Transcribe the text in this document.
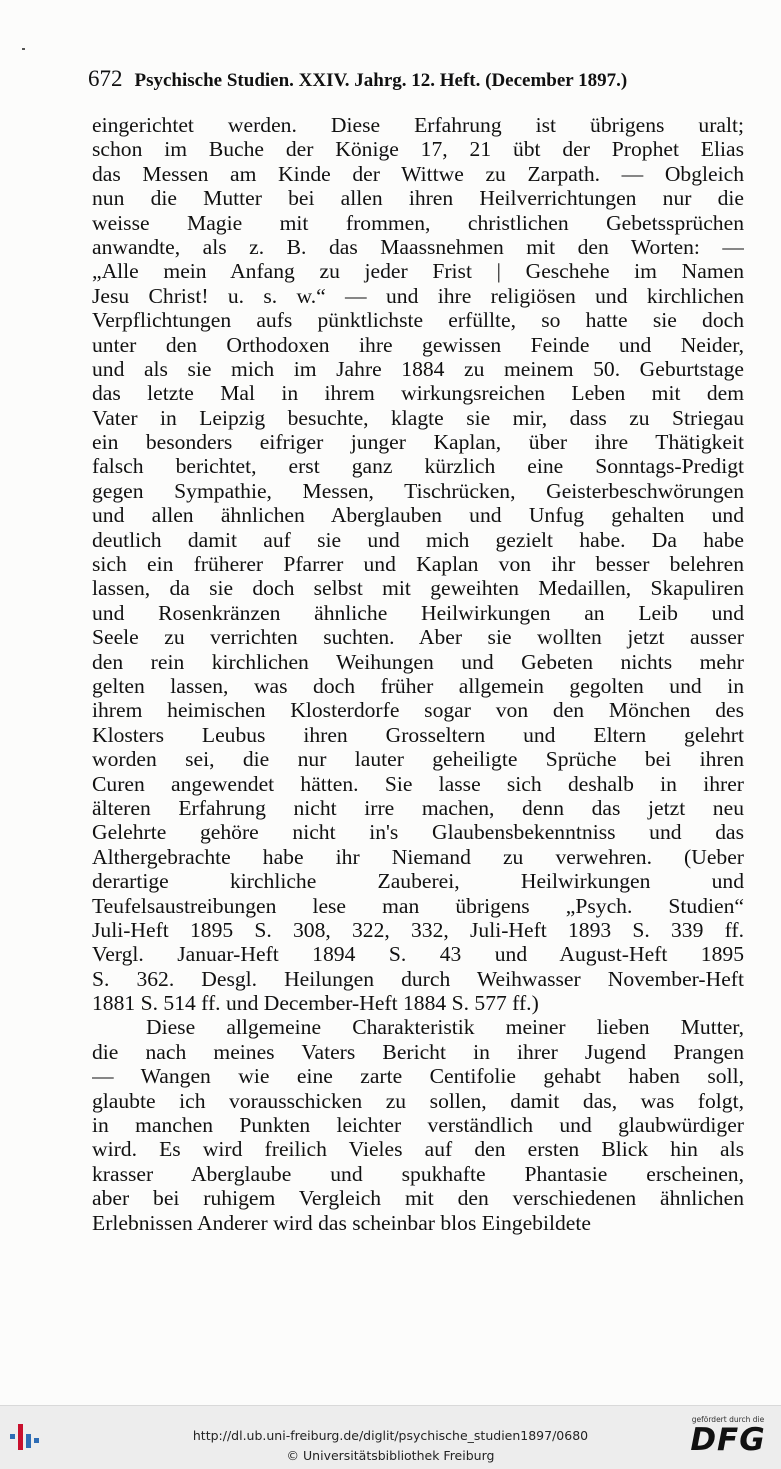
672 Psychische Studien. XXIV. Jahrg. 12. Heft. (December 1897.)
eingerichtet werden. Diese Erfahrung ist übrigens uralt;
schon im Buche der Könige 17, 21 übt der Prophet Elias
das Messen am Kinde der Wittwe zu Zarpath. — Obgleich
nun die Mutter bei allen ihren Heilverrichtungen nur die
weisse Magie mit frommen, christlichen Gebetssprüchen
anwandte, als z. B. das Maassnehmen mit den Worten: —
„Alle mein Anfang zu jeder Frist | Geschehe im Namen
Jesu Christ! u. s. w.“ — und ihre religiösen und kirchlichen
Verpflichtungen aufs pünktlichste erfüllte, so hatte sie doch
unter den Orthodoxen ihre gewissen Feinde und Neider,
und als sie mich im Jahre 1884 zu meinem 50. Geburtstage
das letzte Mal in ihrem wirkungsreichen Leben mit dem
Vater in Leipzig besuchte, klagte sie mir, dass zu Striegau
ein besonders eifriger junger Kaplan, über ihre Thätigkeit
falsch berichtet, erst ganz kürzlich eine Sonntags-Predigt
gegen Sympathie, Messen, Tischrücken, Geisterbeschwörungen
und allen ähnlichen Aberglauben und Unfug gehalten und
deutlich damit auf sie und mich gezielt habe. Da habe
sich ein früherer Pfarrer und Kaplan von ihr besser belehren
lassen, da sie doch selbst mit geweihten Medaillen, Skapuliren
und Rosenkränzen ähnliche Heilwirkungen an Leib und
Seele zu verrichten suchten. Aber sie wollten jetzt ausser
den rein kirchlichen Weihungen und Gebeten nichts mehr
gelten lassen, was doch früher allgemein gegolten und in
ihrem heimischen Klosterdorfe sogar von den Mönchen des
Klosters Leubus ihren Grosseltern und Eltern gelehrt
worden sei, die nur lauter geheiligte Sprüche bei ihren
Curen angewendet hätten. Sie lasse sich deshalb in ihrer
älteren Erfahrung nicht irre machen, denn das jetzt neu
Gelehrte gehöre nicht in's Glaubensbekenntniss und das
Althergebrachte habe ihr Niemand zu verwehren. (Ueber
derartige kirchliche Zauberei, Heilwirkungen und
Teufelsaustreibungen lese man übrigens „Psych. Studien“
Juli-Heft 1895 S. 308, 322, 332, Juli-Heft 1893 S. 339 ff.
Vergl. Januar-Heft 1894 S. 43 und August-Heft 1895
S. 362. Desgl. Heilungen durch Weihwasser November-Heft
1881 S. 514 ff. und December-Heft 1884 S. 577 ff.)
Diese allgemeine Charakteristik meiner lieben Mutter,
die nach meines Vaters Bericht in ihrer Jugend Prangen
— Wangen wie eine zarte Centifolie gehabt haben soll,
glaubte ich vorausschicken zu sollen, damit das, was folgt,
in manchen Punkten leichter verständlich und glaubwürdiger
wird. Es wird freilich Vieles auf den ersten Blick hin als
krasser Aberglaube und spukhafte Phantasie erscheinen,
aber bei ruhigem Vergleich mit den verschiedenen ähnlichen
Erlebnissen Anderer wird das scheinbar blos Eingebildete
http://dl.ub.uni-freiburg.de/diglit/psychische_studien1897/0680
© Universitätsbibliothek Freiburg
gefördert durch die
DFG
